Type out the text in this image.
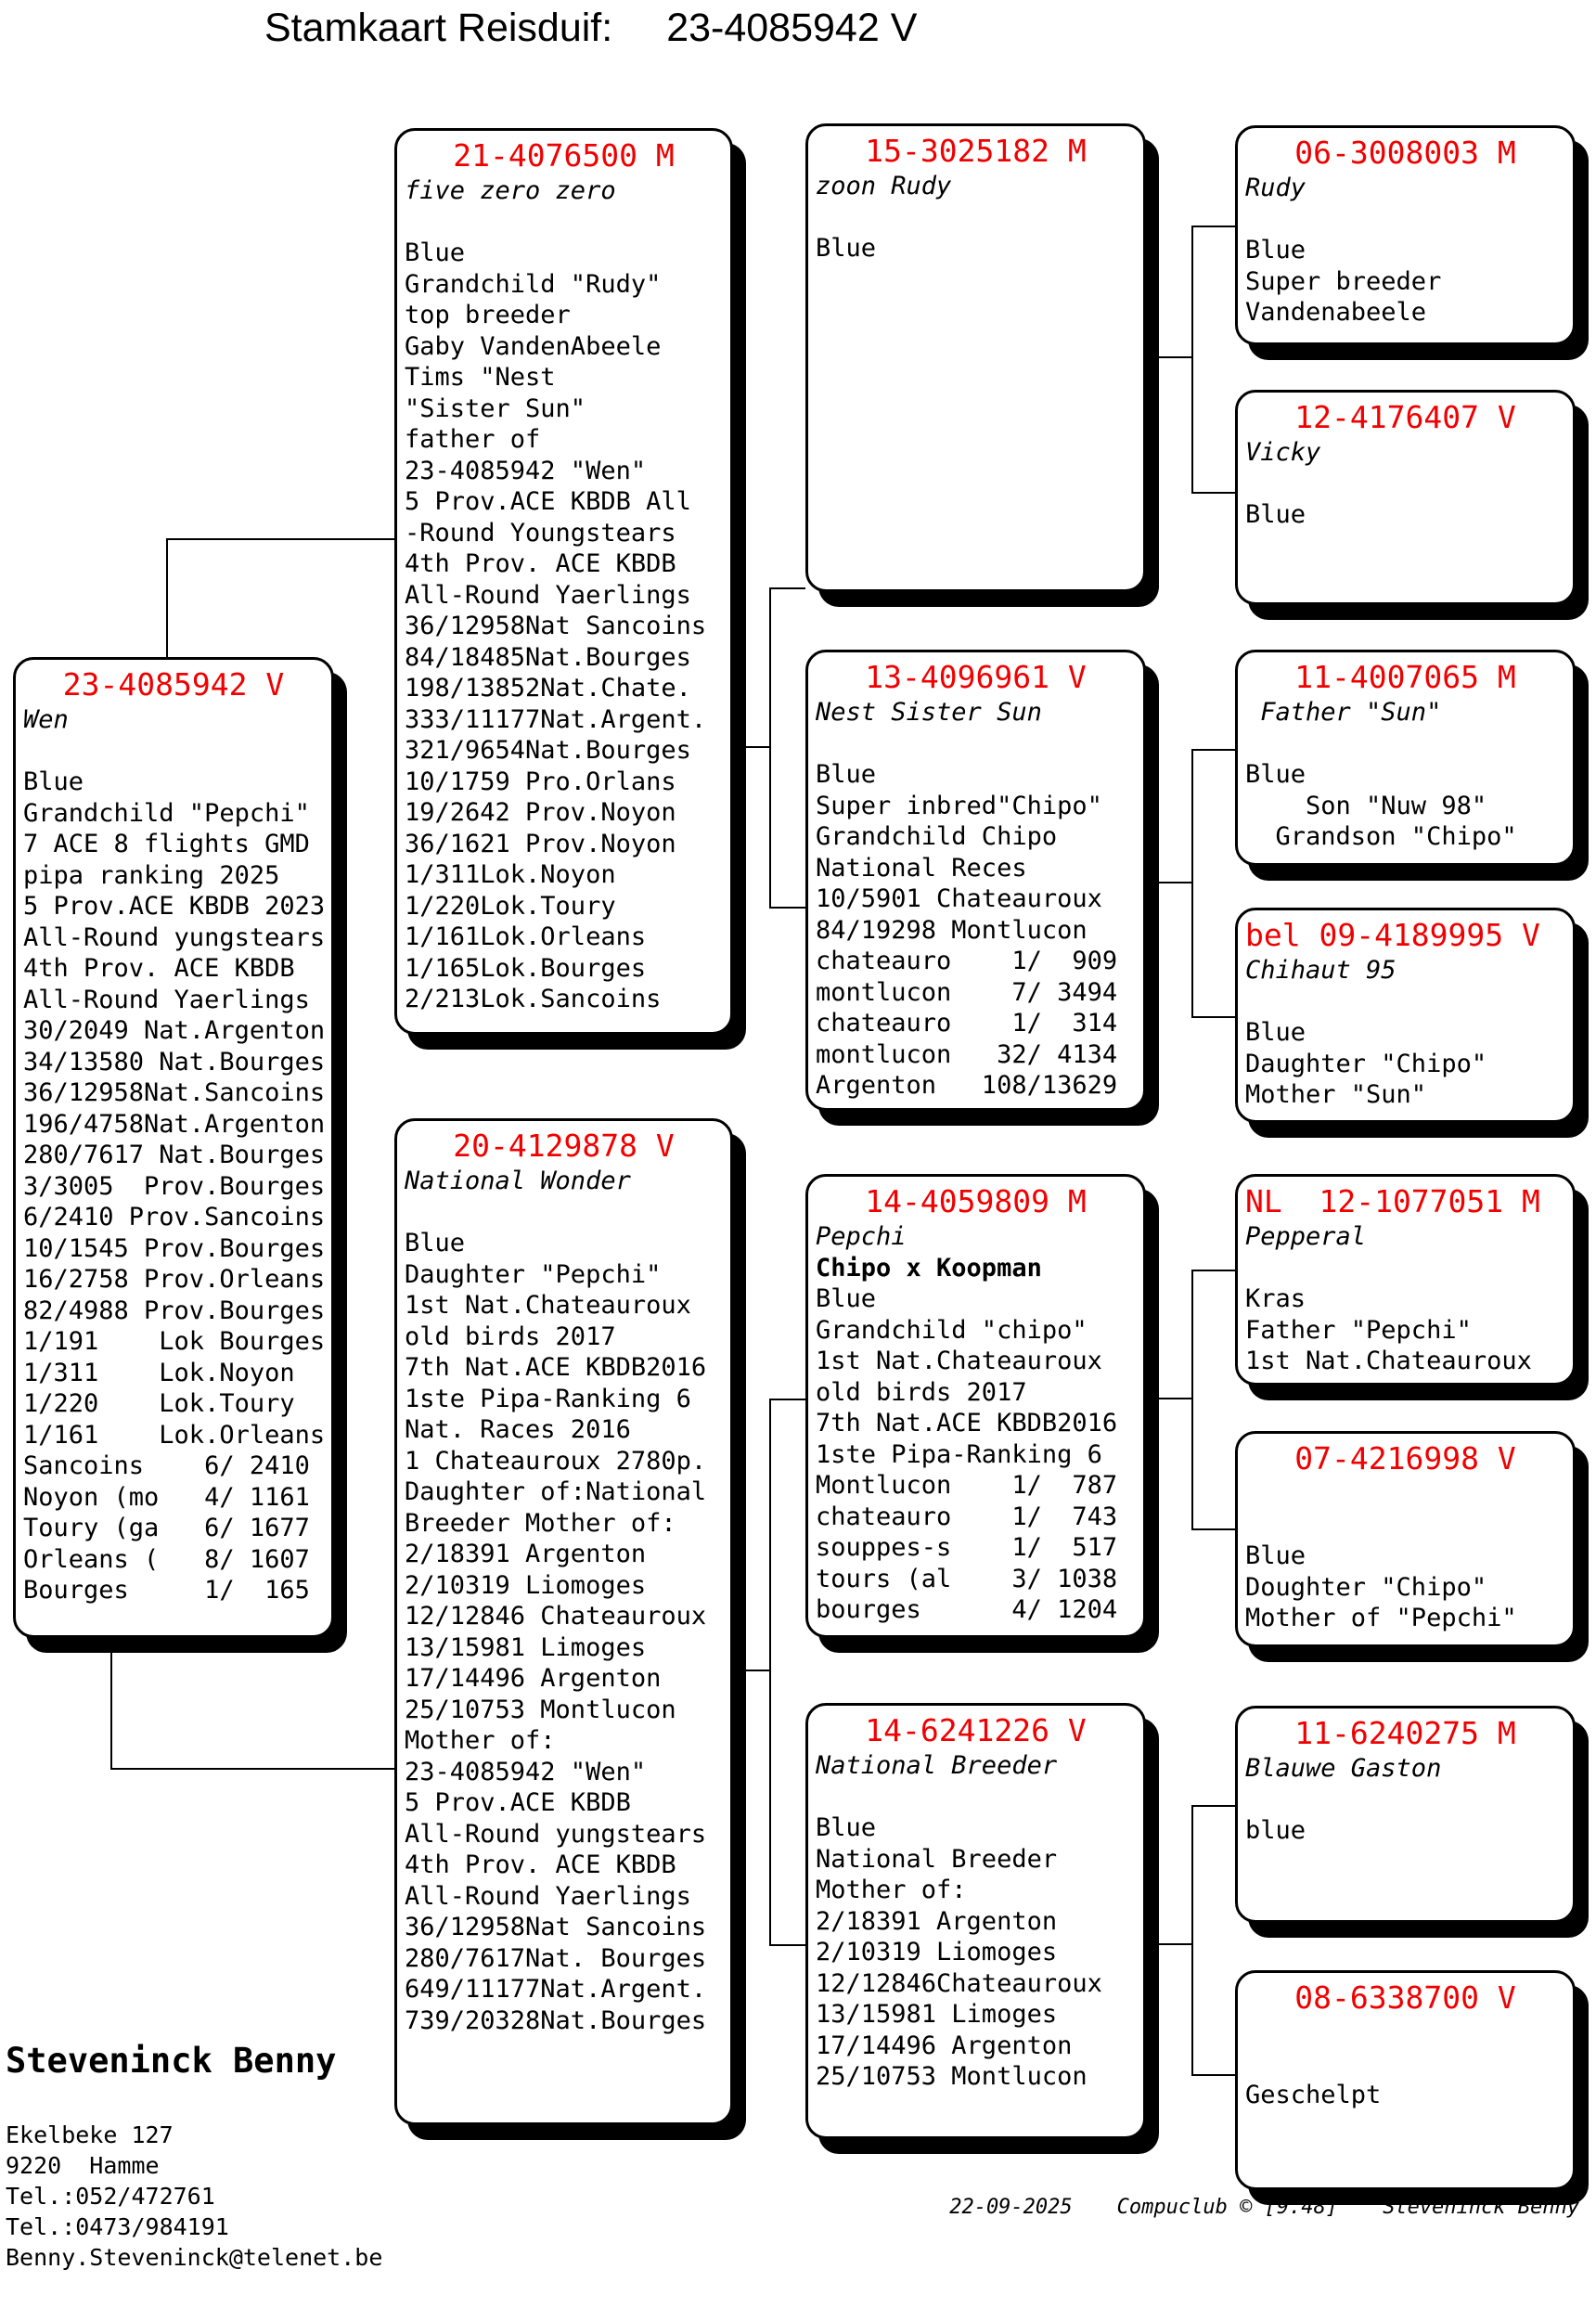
Stamkaart Reisduif: 23-4085942 V
23-4085942 V
Wen
Blue
Grandchild "Pepchi"
7 ACE 8 flights GMD
pipa ranking 2025
5 Prov.ACE KBDB 2023
All-Round yungstears
4th Prov. ACE KBDB
All-Round Yaerlings
30/2049 Nat.Argenton
34/13580 Nat.Bourges
36/12958Nat.Sancoins
196/4758Nat.Argenton
280/7617 Nat.Bourges
3/3005  Prov.Bourges
6/2410 Prov.Sancoins
10/1545 Prov.Bourges
16/2758 Prov.Orleans
82/4988 Prov.Bourges
1/191    Lok Bourges
1/311    Lok.Noyon
1/220    Lok.Toury
1/161    Lok.Orleans
Sancoins    6/ 2410
Noyon (mo   4/ 1161
Toury (ga   6/ 1677
Orleans (   8/ 1607
Bourges     1/  165
21-4076500 M
five zero zero
Blue
Grandchild "Rudy"
top breeder
Gaby VandenAbeele
Tims "Nest
"Sister Sun"
father of
23-4085942 "Wen"
5 Prov.ACE KBDB All
-Round Youngstears
4th Prov. ACE KBDB
All-Round Yaerlings
36/12958Nat Sancoins
84/18485Nat.Bourges
198/13852Nat.Chate.
333/11177Nat.Argent.
321/9654Nat.Bourges
10/1759 Pro.Orlans
19/2642 Prov.Noyon
36/1621 Prov.Noyon
1/311Lok.Noyon
1/220Lok.Toury
1/161Lok.Orleans
1/165Lok.Bourges
2/213Lok.Sancoins
20-4129878 V
National Wonder
Blue
Daughter "Pepchi"
1st Nat.Chateauroux
old birds 2017
7th Nat.ACE KBDB2016
1ste Pipa-Ranking 6
Nat. Races 2016
1 Chateauroux 2780p.
Daughter of:National
Breeder Mother of:
2/18391 Argenton
2/10319 Liomoges
12/12846 Chateauroux
13/15981 Limoges
17/14496 Argenton
25/10753 Montlucon
Mother of:
23-4085942 "Wen"
5 Prov.ACE KBDB
All-Round yungstears
4th Prov. ACE KBDB
All-Round Yaerlings
36/12958Nat Sancoins
280/7617Nat. Bourges
649/11177Nat.Argent.
739/20328Nat.Bourges
15-3025182 M
zoon Rudy
Blue
13-4096961 V
Nest Sister Sun
Blue
Super inbred"Chipo"
Grandchild Chipo
National Reces
10/5901 Chateauroux
84/19298 Montlucon
chateauro    1/  909
montlucon    7/ 3494
chateauro    1/  314
montlucon   32/ 4134
Argenton   108/13629
14-4059809 M
Pepchi
Chipo x Koopman
Blue
Grandchild "chipo"
1st Nat.Chateauroux
old birds 2017
7th Nat.ACE KBDB2016
1ste Pipa-Ranking 6
Montlucon    1/  787
chateauro    1/  743
souppes-s    1/  517
tours (al    3/ 1038
bourges      4/ 1204
14-6241226 V
National Breeder
Blue
National Breeder
Mother of:
2/18391 Argenton
2/10319 Liomoges
12/12846Chateauroux
13/15981 Limoges
17/14496 Argenton
25/10753 Montlucon
06-3008003 M
Rudy
Blue
Super breeder
Vandenabeele
12-4176407 V
Vicky
Blue
11-4007065 M
Father "Sun"
Blue
Son "Nuw 98"
Grandson "Chipo"
bel 09-4189995 V
Chihaut 95
Blue
Daughter "Chipo"
Mother "Sun"
NL  12-1077051 M
Pepperal
Kras
Father "Pepchi"
1st Nat.Chateauroux
07-4216998 V
Blue
Doughter "Chipo"
Mother of "Pepchi"
11-6240275 M
Blauwe Gaston
blue
08-6338700 V
Geschelpt

Steveninck Benny

Ekelbeke 127
9220  Hamme
Tel.:052/472761
Tel.:0473/984191
Benny.Steveninck@telenet.be

22-09-2025 Compuclub © [9.48] Steveninck Benny
